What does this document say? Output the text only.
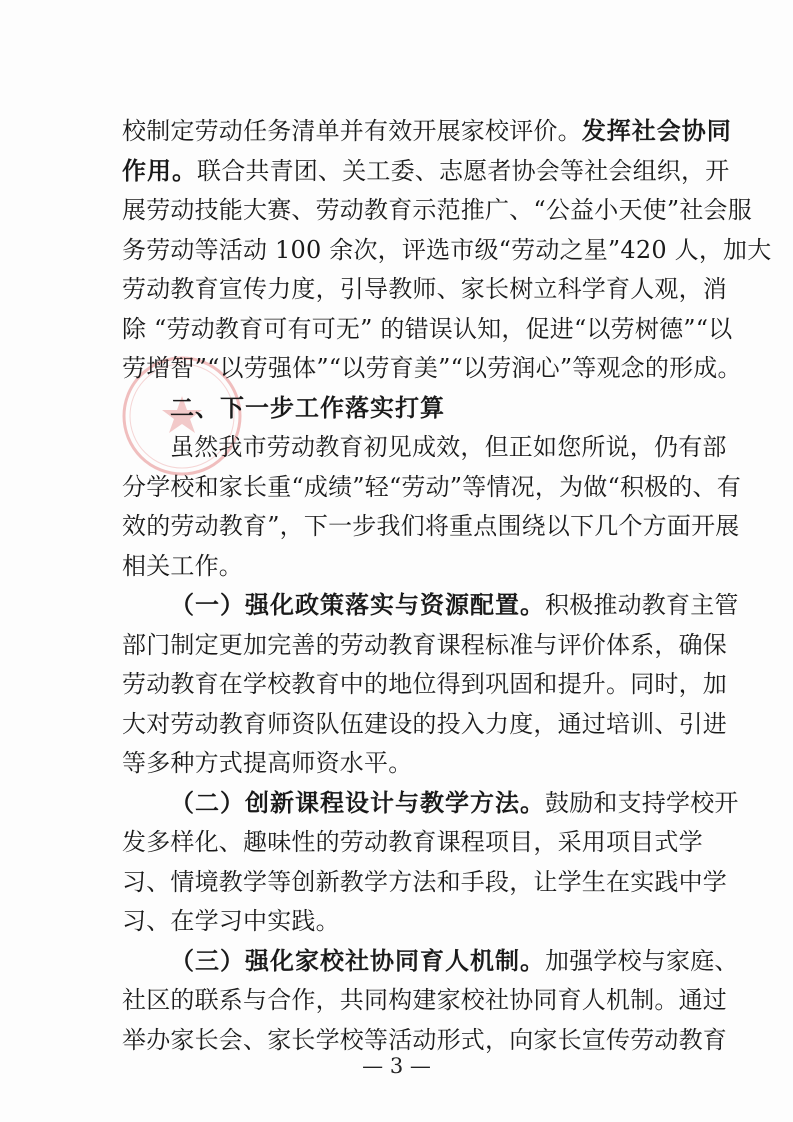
校制定劳动任务清单并有效开展家校评价。发挥社会协同
作用。联合共青团、关工委、志愿者协会等社会组织，开
展劳动技能大赛、劳动教育示范推广、“公益小天使”社会服
务劳动等活动 100 余次，评选市级“劳动之星”420 人，加大
劳动教育宣传力度，引导教师、家长树立科学育人观，消
除 “劳动教育可有可无” 的错误认知，促进“以劳树德”“以
劳增智”“以劳强体”“以劳育美”“以劳润心”等观念的形成。
二、下一步工作落实打算
虽然我市劳动教育初见成效，但正如您所说，仍有部
分学校和家长重“成绩”轻“劳动”等情况，为做“积极的、有
效的劳动教育”，下一步我们将重点围绕以下几个方面开展
相关工作。
（一）强化政策落实与资源配置。积极推动教育主管
部门制定更加完善的劳动教育课程标准与评价体系，确保
劳动教育在学校教育中的地位得到巩固和提升。同时，加
大对劳动教育师资队伍建设的投入力度，通过培训、引进
等多种方式提高师资水平。
（二）创新课程设计与教学方法。鼓励和支持学校开
发多样化、趣味性的劳动教育课程项目，采用项目式学
习、情境教学等创新教学方法和手段，让学生在实践中学
习、在学习中实践。
（三）强化家校社协同育人机制。加强学校与家庭、
社区的联系与合作，共同构建家校社协同育人机制。通过
举办家长会、家长学校等活动形式，向家长宣传劳动教育
— 3 —
